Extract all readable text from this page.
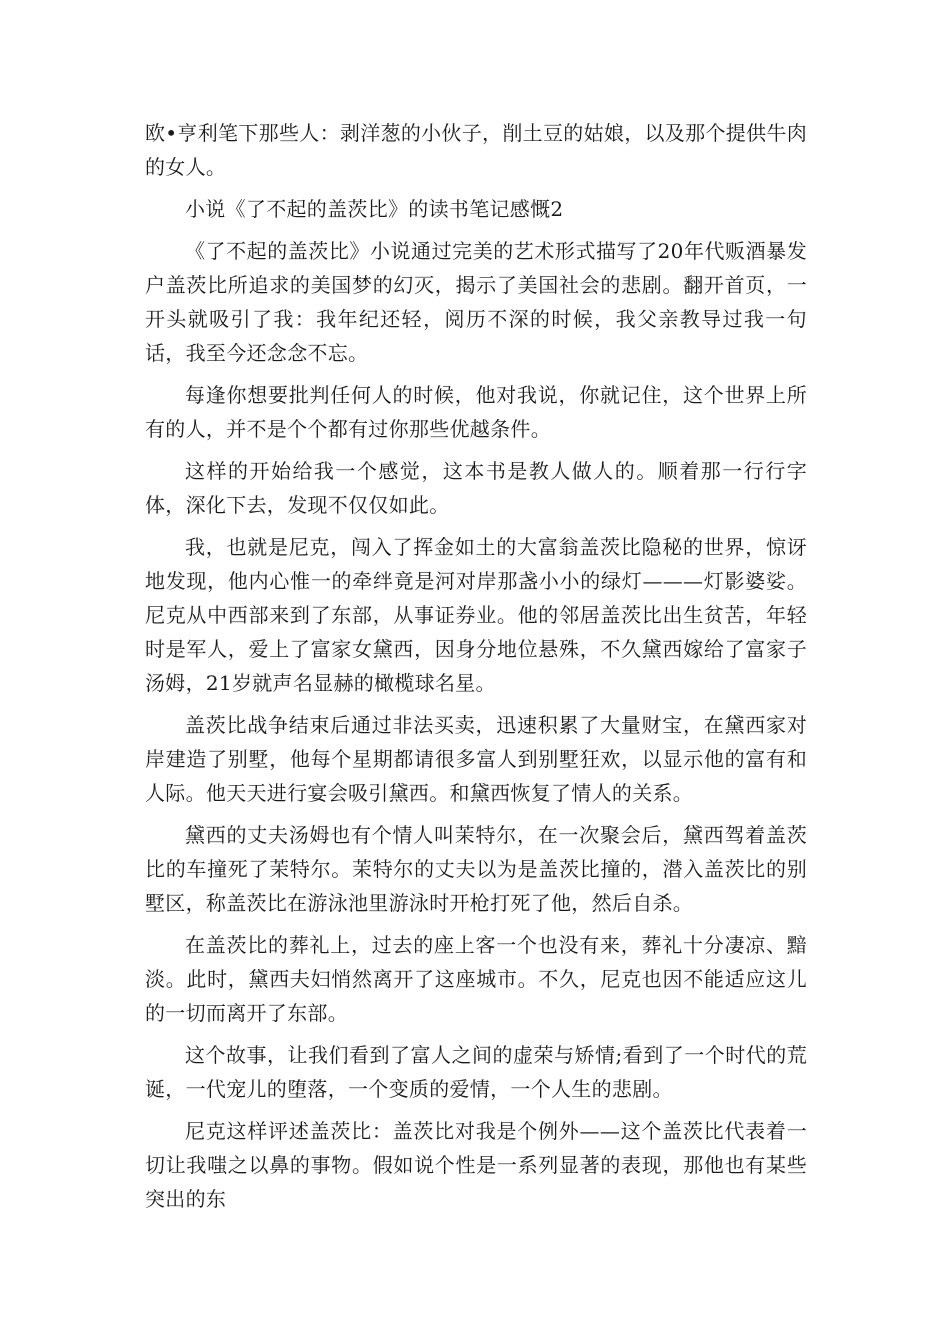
欧•亨利笔下那些人：剥洋葱的小伙子，削土豆的姑娘，以及那个提供牛肉的女人。

小说《了不起的盖茨比》的读书笔记感慨2

《了不起的盖茨比》小说通过完美的艺术形式描写了20年代贩酒暴发户盖茨比所追求的美国梦的幻灭，揭示了美国社会的悲剧。翻开首页，一开头就吸引了我：我年纪还轻，阅历不深的时候，我父亲教导过我一句话，我至今还念念不忘。

每逢你想要批判任何人的时候，他对我说，你就记住，这个世界上所有的人，并不是个个都有过你那些优越条件。

这样的开始给我一个感觉，这本书是教人做人的。顺着那一行行字体，深化下去，发现不仅仅如此。

我，也就是尼克，闯入了挥金如土的大富翁盖茨比隐秘的世界，惊讶地发现，他内心惟一的牵绊竟是河对岸那盏小小的绿灯———灯影婆娑。尼克从中西部来到了东部，从事证券业。他的邻居盖茨比出生贫苦，年轻时是军人，爱上了富家女黛西，因身分地位悬殊，不久黛西嫁给了富家子汤姆，21岁就声名显赫的橄榄球名星。

盖茨比战争结束后通过非法买卖，迅速积累了大量财宝，在黛西家对岸建造了别墅，他每个星期都请很多富人到别墅狂欢，以显示他的富有和人际。他天天进行宴会吸引黛西。和黛西恢复了情人的关系。

黛西的丈夫汤姆也有个情人叫茉特尔，在一次聚会后，黛西驾着盖茨比的车撞死了茉特尔。茉特尔的丈夫以为是盖茨比撞的，潜入盖茨比的别墅区，称盖茨比在游泳池里游泳时开枪打死了他，然后自杀。

在盖茨比的葬礼上，过去的座上客一个也没有来，葬礼十分凄凉、黯淡。此时，黛西夫妇悄然离开了这座城市。不久，尼克也因不能适应这儿的一切而离开了东部。

这个故事，让我们看到了富人之间的虚荣与矫情;看到了一个时代的荒诞，一代宠儿的堕落，一个变质的爱情，一个人生的悲剧。

尼克这样评述盖茨比：盖茨比对我是个例外——这个盖茨比代表着一切让我嗤之以鼻的事物。假如说个性是一系列显著的表现，那他也有某些突出的东
